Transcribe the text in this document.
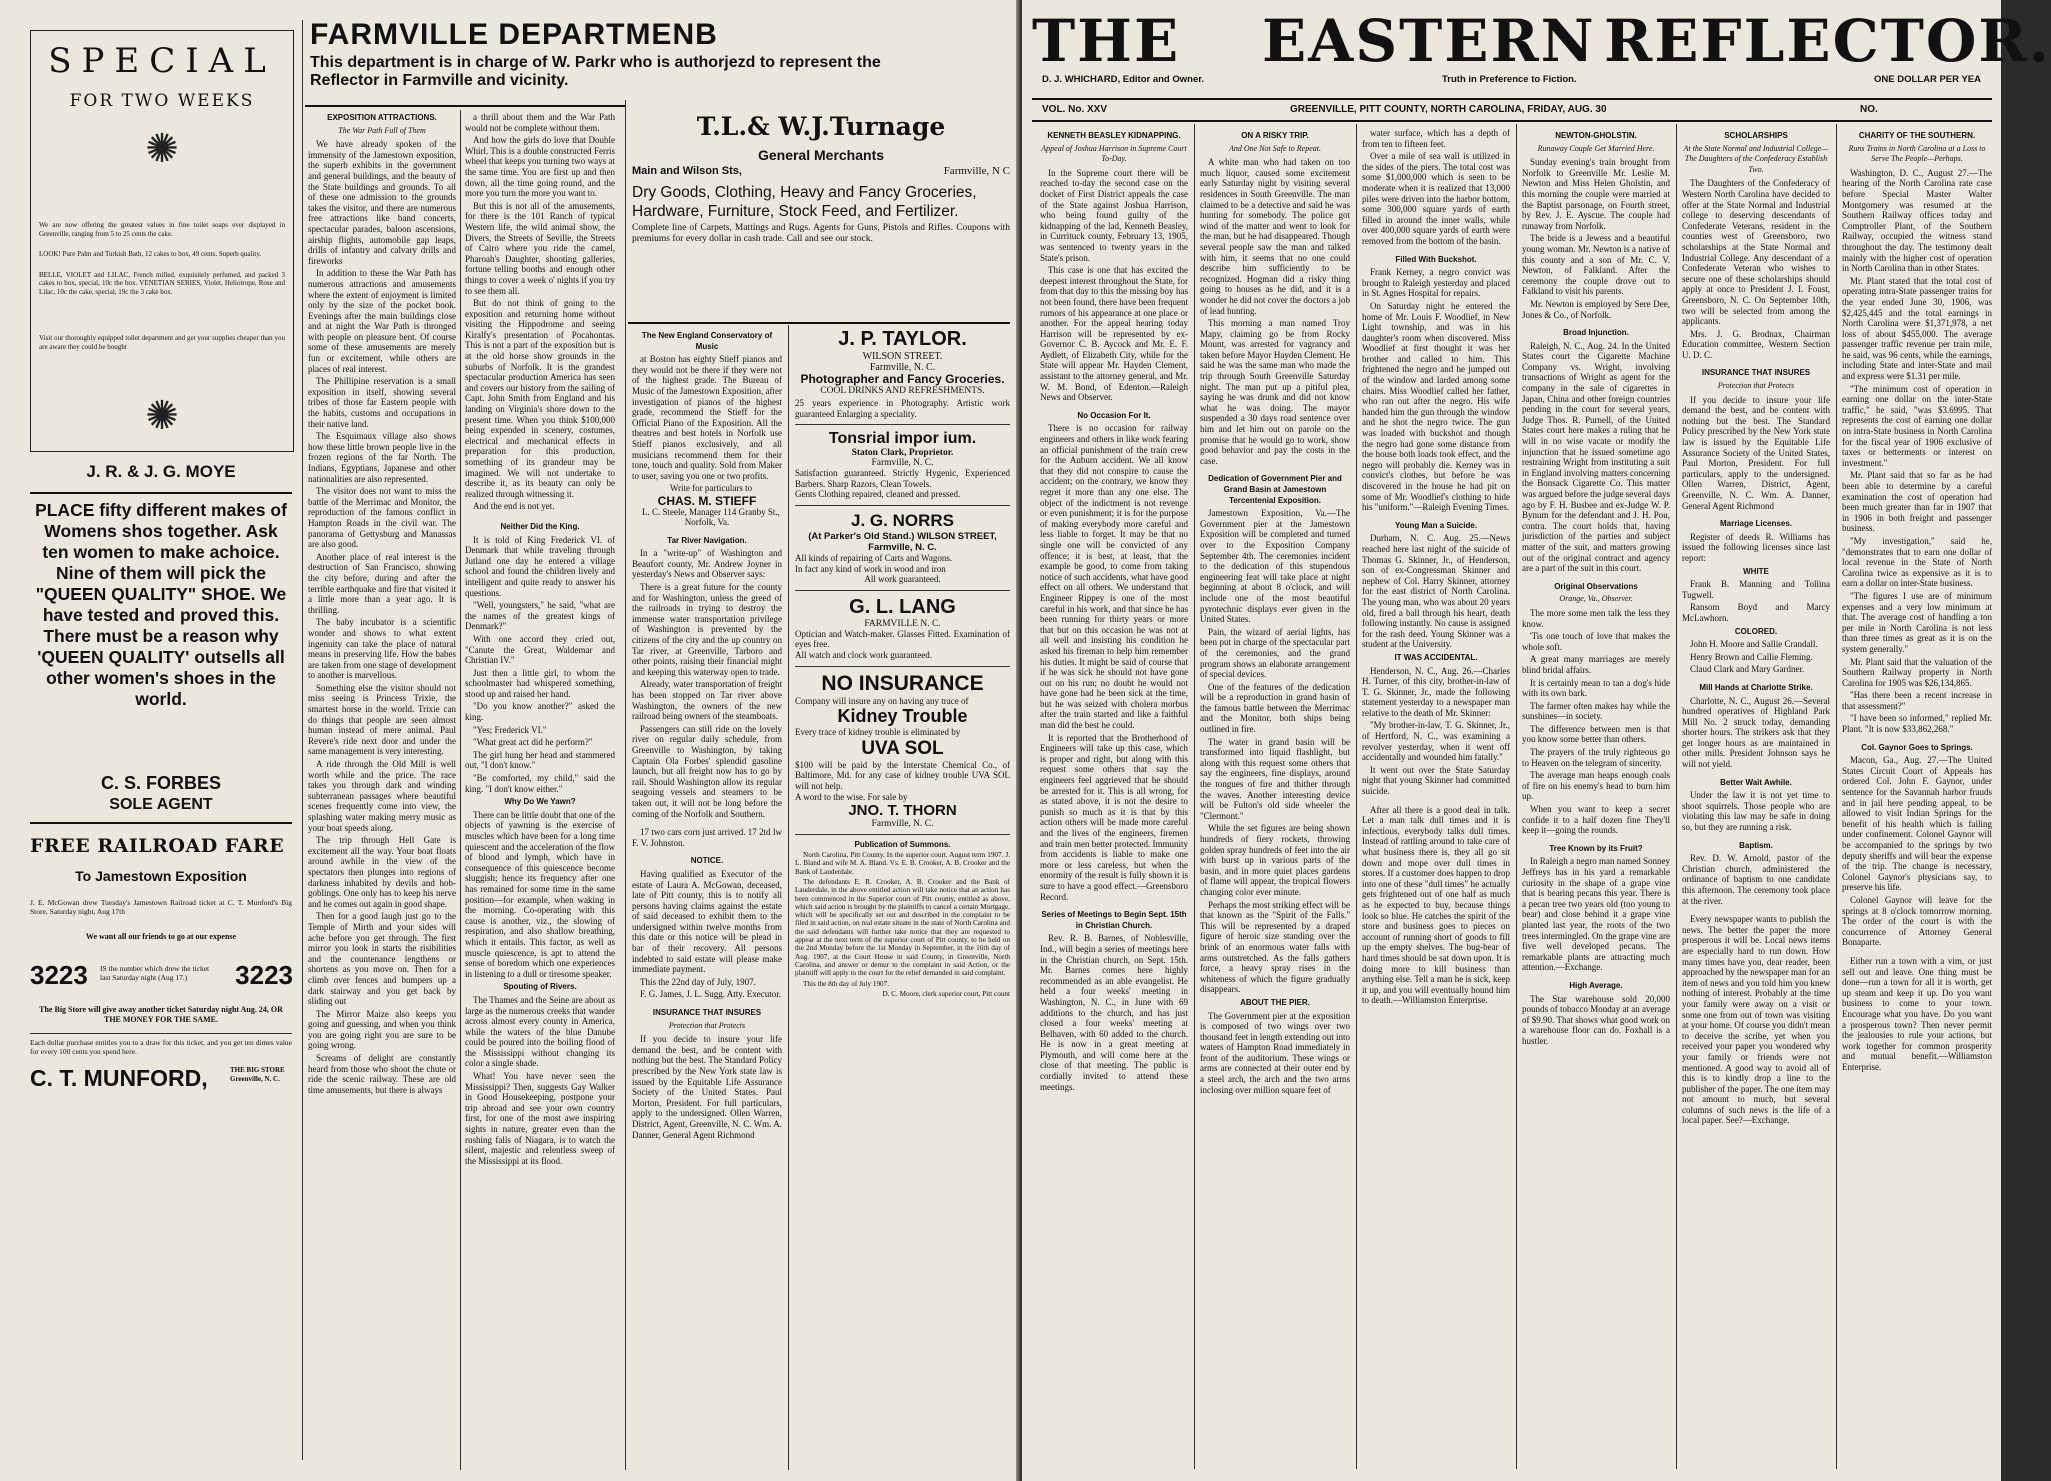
SPECIAL
FOR TWO WEEKS
✺
We are now offering the greatest values in fine toilet soaps ever displayed in Greenville, ranging from 5 to 25 cents the cake.
LOOK! Pure Palm and Turkish Bath, 12 cakes to box, 49 cents. Superb quality.
BELLE, VIOLET and LILAC, French milled, exquisitely perfumed, and packed 3 cakes to box, special, 10c the box. VENETIAN SERIES, Violet, Heliotrope, Rose and Lilac, 10c the cake, special, 19c the 3 cake box.
Visit our thoroughly equipped toilet department and get your supplies cheaper than you are aware they could be bought
✺
J. R. & J. G. MOYE
PLACE fifty different makes of Womens shos together. Ask ten women to make achoice. Nine of them will pick the "QUEEN QUALITY" SHOE. We have tested and proved this. There must be a reason why 'QUEEN QUALITY' outsells all other women's shoes in the world.
C. S. FORBES
SOLE AGENT
FREE RAILROAD FARE
To Jamestown Exposition
J. E. McGowan drew Tuesday's Jamestown Railroad ticket at C. T. Munford's Big Store, Saturday night, Aug 17th
We want all our friends to go at our expense
3223 IS the number which drew the ticket last Saturday night (Aug 17.)	3223
The Big Store will give away another ticket Saturday night Aug. 24, OR THE MONEY FOR THE SAME.
Each dollar purchase entitles you to a draw for this ticket, and you get ten dimes value for every 100 cents you spend here.
C. T. MUNFORD,	THE BIG STORE Greenville, N. C.
FARMVILLE DEPARTMENB
This department is in charge of W. Parkr who is authorjezd to represent the Reflector in Farmville and vicinity.
EXPOSITION ATTRACTIONS.
The War Path Full of Them

We have already spoken of the immensity of the Jamestown exposition, the superb exhibits in the government and general buildings, and the beauty of the State buildings and grounds. To all of these one admission to the grounds takes the visitor, and there are numerous free attractions like band concerts, spectacular parades, baloon ascensions, airship flights, automobile gap leaps, drills of infantry and calvary drills and fireworks

In addition to these the War Path has numerous attractions and amusements where the extent of enjoyment is limited only by the size of the pocket book. Evenings after the main buildings close and at night the War Path is thronged with people on pleasure bent. Of course some of these amusements are merely fun or excitement, while others are places of real interest.

The Phillipine reservation is a small exposition in itself, showing several tribes of those far Eastern people with the habits, customs and occupations in their native land.

The Esquimaux village also shows how these little brown people live in the frozen regions of the far North. The Indians, Egyptians, Japanese and other nationalities are also represented.

The visitor does not want to miss the battle of the Merrimac and Monitor, the reproduction of the famous conflict in Hampton Roads in the civil war. The panorama of Gettysburg and Manassas are also good.

Another place of real interest is the destruction of San Francisco, showing the city before, during and after the terrible earthquake and fire that visited it a little more than a year ago. It is thrilling.

The baby incubator is a scientific wonder and shows to what extent ingenuity can take the place of natural means in preserving life. How the babes are taken from one stage of development to another is marvellous.

Something else the visitor should not miss seeing is Princess Trixie, the smartest horse in the world. Trixie can do things that people are seen almost human instead of mere animal. Paul Revere's ride next door and under the same management is very interesting.

A ride through the Old Mill is well worth while and the price. The race takes you through dark and winding subterranean passages where beautiful scenes frequently come into view, the splashing water making merry music as your boat speeds along.

The trip through Hell Gate is excitement all the way. Your boat floats around awhile in the view of the spectators then plunges into regions of darkness inhabited by devils and hob-goblings. One only has to keep his nerve and he comes out again in good shape.

Then for a good laugh just go to the Temple of Mirth and your sides will ache before you get through. The first mirror you look in starts the risibilities and the countenance lengthens or shortens as you move on. Then for a climb over fences and bumpers up a dark stairway and you get back by sliding out

The Mirror Maize also keeps you going and guessing, and when you think you are going right you are sure to be going wrong.

Screams of delight are constantly heard from those who shoot the chute or ride the scenic railway. These are old time amusements, but there is always

a thrill about them and the War Path would not be complete without them.

And how the girls do love that Double Whirl. This is a double constructed Ferris wheel that keeps you turning two ways at the same time. You are first up and then down, all the time going round, and the more you turn the more you want to.

But this is not all of the amusements, for there is the 101 Ranch of typical Western life, the wild animal show, the Divers, the Streets of Seville, the Streets of Cairo where you ride the camel, Pharoah's Daughter, shooting galleries, fortune telling booths and enough other things to cover a week o' nights if you try to see them all.

But do not think of going to the exposition and returning home without visiting the Hippodrome and seeing Kiralfy's presentation of Pocahontas. This is not a part of the exposition but is at the old horse show grounds in the suburbs of Norfolk. It is the grandest spectacular production America has seen and covers our history from the sailing of Capt. John Smith from England and his landing on Virginia's shore down to the present time. When you think $100,000 being expended in scenery, costumes, electrical and mechanical effects in preparation for this production, something of its grandeur may be imagined. We will not undertake to describe it, as its beauty can only be realized through witnessing it.

And the end is not yet.

Neither Did the King.

It is told of King Frederick VI. of Denmark that while traveling through Jutland one day he entered a village school and found the children lively and intelligent and quite ready to answer his questions.

"Well, youngsters," he said, "what are the names of the greatest kings of Denmark?"

With one accord they cried out, "Canute the Great, Waldemar and Christian IV."

Just then a little girl, to whom the schoolmaster had whispered something, stood up and raised her hand.

"Do you know another?" asked the king.

"Yes; Frederick VI."

"What great act did he perform?"

The girl hung her head and stammered out, "I don't know."

"Be comforted, my child," said the king. "I don't know either."

Why Do We Yawn?

There can be little doubt that one of the objects of yawning is the exercise of muscles which have been for a long time quiescent and the acceleration of the flow of blood and lymph, which have in consequence of this quiescence become sluggish; hence its frequency after one has remained for some time in the same position—for example, when waking in the morning. Co-operating with this cause is another, viz., the slowing of respiration, and also shallow breathing, which it entails. This factor, as well as muscle quiescence, is apt to attend the sense of boredom which one experiences in listening to a dull or tiresome speaker.

Spouting of Rivers.

The Thames and the Seine are about as large as the numerous creeks that wander across almost every county in America, while the waters of the blue Danube could be poured into the boiling flood of the Mississippi without changing its color a single shade.

What! You have never seen the Mississippi? Then, suggests Gay Walker in Good Housekeeping, postpone your trip abroad and see your own country first, for one of the most awe inspiring sights in nature, greater even than the rushing falls of Niagara, is to watch the silent, majestic and relentless sweep of the Mississippi at its flood.

T.L.& W.J.Turnage
General Merchants
Main and Wilson Sts,	Farmville, N C
Dry Goods, Clothing, Heavy and Fancy Groceries, Hardware, Furniture, Stock Feed, and Fertilizer.
Complete line of Carpets, Mattings and Rugs. Agents for Guns, Pistols and Rifles. Coupons with premiums for every dollar in cash trade. Call and see our stock.
The New England Conservatory of Music

at Boston has eighty Stieff pianos and they would not be there if they were not of the highest grade. The Bureau of Music of the Jamestown Exposition, after investigation of pianos of the highest grade, recommend the Stieff for the Official Piano of the Exposition. All the theatres and best hotels in Norfolk use Stieff pianos exclusively, and all musicians recommend them for their tone, touch and quality. Sold from Maker to user, saving you one or two profits.

Write for particulars to

CHAS. M. STIEFF

L. C. Steele, Manager 114 Granby St., Norfolk, Va.

Tar River Navigation.

In a "write-up" of Washington and Beaufort county, Mr. Andrew Joyner in yesterday's News and Observer says:

There is a great future for the county and for Washington, unless the greed of the railroads in trying to destroy the immense water transportation privilege of Washington is prevented by the citizens of the city and the up country on Tar river, at Greenville, Tarboro and other points, raising their financial might and keeping this waterway open to trade.

Already, water transportation of freight has been stopped on Tar river above Washington, the owners of the new railroad being owners of the steamboats.

Passengers can still ride on the lovely river on regular daily schedule, from Greenville to Washington, by taking Captain Ola Forbes' splendid gasoline launch, but all freight now has to go by rail. Should Washington allow its regular seagoing vessels and steamers to be taken out, it will not be long before the coming of the Norfolk and Southern.

17 two cars corn just arrived. 17 2td lw F. V. Johnston.

NOTICE.

Having qualified as Executor of the estate of Laura A. McGowan, deceased, late of Pitt county, this is to notify all persons having claims against the estate of said deceased to exhibit them to the undersigned within twelve months from this date or this notice will be plead in bar of their recovery. All persons indebted to said estate will please make immediate payment.

This the 22nd day of July, 1907.

F. G. James, J. L. Sugg. Atty. Executor.

INSURANCE THAT INSURES
Protection that Protects

If you decide to insure your life demand the best, and be content with nothing but the best. The Standard Policy prescribed by the New York state law is issued by the Equitable Life Assurance Society of the United States. Paul Morton, President. For full particulars, apply to the undersigned. Ollen Warren, District, Agent, Greenville, N. C. Wm. A. Danner, General Agent Richmond

J. P. TAYLOR.
WILSON STREET.
Farmville, N. C.
Photographer and Fancy Groceries.
COOL DRINKS AND REFRESHMENTS.
25 years experience in Photography. Artistic work guaranteed Enlarging a speciality.
Tonsrial impor ium.
Staton Clark, Proprietor.
Farmville, N. C.
Satisfaction guaranteed. Strictly Hygenic, Experienced Barbers. Sharp Razors, Clean Towels.
Gents Clothing repaired, cleaned and pressed.
J. G. NORRS
(At Parker's Old Stand.) WILSON STREET, Farmville, N. C.
All kinds of repairing of Carts and Wagons.
In fact any kind of work in wood and iron
All work guaranteed.
G. L. LANG
FARMVILLE N. C.
Optician and Watch-maker. Glasses Fitted. Examination of eyes free.
All watch and clock work guaranteed.
NO INSURANCE
Company will insure any on having any trace of
Kidney Trouble
Every trace of kidney trouble is eliminated by
UVA SOL
$100 will be paid by the Interstate Chemical Co., of Baltimore, Md. for any case of kidney trouble UVA SOL will not help.
A word to the wise. For sale by
JNO. T. THORN
Farmville, N. C.
Publication of Summons.

North Carolina, Pitt County. In the superior court. August term 1907. J. L. Bland and wife M. A. Bland. Vs. E. B. Crooker, A. B. Crooker and the Bank of Lauderdale.

The defendants E. R. Crooker, A. B. Crooker and the Bank of Lauderdale, in the above entitled action will take notice that an action has been commenced in the Superior court of Pitt county, entitled as above, which said action is brought by the plaintiffs to cancel a certain Mortgage, which will be specifically set out and described in the complaint to be filed in said action, on real estate situate in the state of North Carolina and the said defendants will further take notice that they are requested to appear at the next term of the superior court of Pitt county, to be held on the 2nd Monday before the 1st Monday in September, in the 16th day of Aug. 1907, at the Court House in said County, in Greenville, North Carolina, and answer or demur to the complaint in said Action, or the plaintiff will apply to the court for the relief demanded in said complaint.

This the 8th day of July 1907.

D. C. Moore, clerk superior court, Pitt count

THE EASTERN REFLECTOR.
D. J. WHICHARD, Editor and Owner.	Truth in Preference to Fiction.	ONE DOLLAR PER YEA
VOL. No. XXV	GREENVILLE, PITT COUNTY, NORTH CAROLINA, FRIDAY, AUG. 30	NO.
KENNETH BEASLEY KIDNAPPING.
Appeal of Joshua Harrison in Supreme Court To-Day.

In the Supreme court there will be reached to-day the second case on the docket of First District appeals the case of the State against Joshua Harrison, who being found guilty of the kidnapping of the lad, Kenneth Beasley, in Currituck county, February 13, 1905, was sentenced to twenty years in the State's prison.

This case is one that has excited the deepest interest throughout the State, for from that day to this the missing boy has not been found, there have been frequent rumors of his appearance at one place or another. For the appeal hearing today Harrison will be represented by ex-Governor C. B. Aycock and Mr. E. F. Aydlett, of Elizabeth City, while for the State will appear Mr. Hayden Clement, assistant to the attorney general, and Mr. W. M. Bond, of Edenton.—Raleigh News and Observer.

No Occasion For It.

There is no occasion for railway engineers and others in like work fearing an official punishment of the train crew for the Auburn accident. We all know that they did not conspire to cause the accident; on the contrary, we know they regret it more than any one else. The object of the indictment is not revenge or even punishment; it is for the purpose of making everybody more careful and less liable to forget. It may be that no single one will be convicted of any offence; it is best, at least, that the example be good, to come from taking notice of such accidents, what have good effect on all others. We understand that Engineer Rippey is one of the most careful in his work, and that since he has been running for thirty years or more that but on this occasion he was not at all well and insisting his condition he asked his fireman to help him remember his duties. It might be said of course that if he was sick he should not have gone out on his run; no doubt he would not have gone had he been sick at the time, but he was seized with cholera morbus after the train started and like a faithful man did the best he could.

It is reported that the Brotherhood of Engineers will take up this case, which is proper and right, but along with this request some others that say the engineers feel aggrieved that he should be arrested for it. This is all wrong, for as stated above, it is not the desire to punish so much as it is that by this action others will be made more careful and the lives of the engineers, firemen and train men better protected. Immunity from accidents is liable to make one more or less careless, but when the enormity of the result is fully shown it is sure to have a good effect.—Greensboro Record.

Series of Meetings to Begin Sept. 15th in Christian Church.

Rev. R. B. Barnes, of Noblesville, Ind., will begin a series of meetings here in the Christian church, on Sept. 15th. Mr. Barnes comes here highly recommended as an able evangelist. He held a four weeks' meeting in Washington, N. C., in June with 69 additions to the church, and has just closed a four weeks' meeting at Belhaven, with 60 added to the church. He is now in a great meeting at Plymouth, and will come here at the close of that meeting. The public is cordially invited to attend these meetings.

ON A RISKY TRIP.
And One Not Safe to Repeat.

A white man who had taken on too much liquor, caused some excitement early Saturday night by visiting several residences in South Greenville. The man claimed to be a detective and said he was hunting for somebody. The police got wind of the matter and went to look for the man, but he had disappeared. Though several people saw the man and talked with him, it seems that no one could describe him sufficiently to be recognized. Hogman did a risky thing going to houses as he did, and it is a wonder he did not cover the doctors a job of lead hunting.

This morning a man named Troy Mapy, claiming go be from Rocky Mount, was arrested for vagrancy and taken before Mayor Hayden Clement. He said he was the same man who made the trip through South Greenville Saturday night. The man put up a pitiful plea, saying he was drunk and did not know what he was doing. The mayor suspended a 30 days road sentence over him and let him out on parole on the promise that he would go to work, show good behavior and pay the costs in the case.

Dedication of Government Pier and Grand Basin at Jamestown Tercentenial Exposition.

Jamestown Exposition, Va.—The Government pier at the Jamestown Exposition will be completed and turned over to the Exposition Company September 4th. The ceremonies incident to the dedication of this stupendous engineering feat will take place at night beginning at about 8 o'clock, and will include one of the most beautiful pyrotechnic displays ever given in the United States.

Pain, the wizard of aerial lights, has been put in charge of the spectacular part of the ceremonies, and the grand program shows an elaborate arrangement of special devices.

One of the features of the dedication will be a reproduction in grand basin of the famous battle between the Merrimac and the Monitor, both ships being outlined in fire.

The water in grand basin will be transformed into liquid flashlight, but along with this request some others that say the engineers, fine displays, around the tongues of fire and thither through the waves. Another interesting device will be Fulton's old side wheeler the "Clermont."

While the set figures are being shown hundreds of fiery rockets, throwing golden spray hundreds of feet into the air with burst up in various parts of the basin, and in more quiet places gardens of flame will appear, the tropical flowers changing color ever minute.

Perhaps the most striking effect will be that known as the "Spirit of the Falls." This will be represented by a draped figure of heroic size standing over the brink of an enormous water falls with arms outstretched. As the falls gathers force, a heavy spray rises in the whiteness of which the figure gradually disappears.

ABOUT THE PIER.

The Government pier at the exposition is composed of two wings over two thousand feet in length extending out into waters of Hampton Road immediately in front of the auditorium. These wings or arms are connected at their outer end by a steel arch, the arch and the two arms inclosing over million square feet of

water surface, which has a depth of from ten to fifteen feet.

Over a mile of sea wall is utilized in the sides of the piers. The total cost was some $1,000,000 which is seen to be moderate when it is realized that 13,000 piles were driven into the harbor bottom, some 300,000 square yards of earth filled in around the inner walls, while over 400,000 square yards of earth were removed from the bottom of the basin.

Filled With Buckshot.

Frank Kerney, a negro convict was brought to Raleigh yesterday and placed in St. Agnes Hospital for repairs.

On Saturday night he entered the home of Mr. Louis F. Woodlief, in New Light township, and was in his daughter's room when discovered. Miss Woodlief at first thought it was her brother and called to him. This frightened the negro and he jumped out of the window and larded among some chairs. Miss Woodlief called her father, who ran out after the negro. His wife handed him the gun through the window and he shot the negro twice. The gun was loaded with buckshot and though the negro had gone some distance from the house both loads took effect, and the negro will probably die. Kerney was in convict's clothes, but before he was discovered in the house he had pit on some of Mr. Woodlief's clothing to hide his "uniform."—Raleigh Evening Times.

Young Man a Suicide.

Durham, N. C. Aug. 25.—News reached here last night of the suicide of Thomas G. Skinner, Jr., of Henderson, son of ex-Congressman Skinner and nephew of Col. Harry Skinner, attorney for the east district of North Carolina. The young man, who was about 20 years old, fired a ball through his heart, death following instantly. No cause is assigned for the rash deed. Young Skinner was a student at the University.

IT WAS ACCIDENTAL.

Henderson, N. C., Aug. 26.—Charles H. Turner, of this city, brother-in-law of T. G. Skinner, Jr., made the following statement yesterday to a newspaper man relative to the death of Mr. Skinner:

"My brother-in-law, T. G. Skinner, Jr., of Hertford, N. C., was examining a revolver yesterday, when it went off accidentally and wounded him fatally."

It went out over the State Saturday night that young Skinner had committed suicide.

After all there is a good deal in talk. Let a man talk dull times and it is infectious, everybody talks dull times. Instead of rattling around to take care of what business there is, they all go sit down and mope over dull times in stores. If a customer does happen to drop into one of these "dull times" he actually gets frightened out of one half as much as he expected to buy, because things look so blue. He catches the spirit of the store and business goes to pieces on account of running short of goods to fill up the empty shelves. The bug-bear of hard times should be sat down upon. It is doing more to kill business than anything else. Tell a man he is sick, keep it up, and you will eventually hound him to death.—Williamston Enterprise.

NEWTON-GHOLSTIN.
Runaway Couple Get Married Here.

Sunday evening's train brought from Norfolk to Greenville Mr. Leslie M. Newton and Miss Helen Gholstin, and this morning the couple were married at the Baptist parsonage, on Fourth street, by Rev. J. E. Ayscue. The couple had runaway from Norfolk.

The bride is a Jewess and a beautiful young woman. Mr. Newton is a native of this county and a son of Mr. C. V. Newton, of Falkland. After the ceremony the couple drove out to Falkland to visit his parents.

Mr. Newton is employed by Sere Dee, Jones & Co., of Norfolk.

Broad Injunction.

Raleigh, N. C., Aug. 24. In the United States court the Cigarette Machine Company vs. Wright, involving transactions of Wright as agent for the company in the sale of cigarettes in Japan, China and other foreign countries pending in the court for several years, Judge Thos. R. Purnell, of the United States court here makes a ruling that he will in no wise vacate or modify the injunction that he issued sometime ago restraining Wright from instituting a suit in England involving matters concerning the Bonsack Cigarette Co. This matter was argued before the judge several days ago by F. H. Busbee and ex-Judge W. P. Bynum for the defendant and J. H. Pou, contra. The court holds that, having jurisdiction of the parties and subject matter of the suit, and matters growing out of the original contract and agency are a part of the suit in this court.

Original Observations
Orange, Va., Observer.

The more some men talk the less they know.

'Tis one touch of love that makes the whole soft.

A great many marriages are merely blind bridal affairs.

It is certainly mean to tan a dog's hide with its own bark.

The farmer often makes hay while the sunshines—in society.

The difference between men is that you know some better than others.

The prayers of the truly righteous go to Heaven on the telegram of sincerity.

The average man heaps enough coals of fire on his enemy's head to burn him up.

When you want to keep a secret confide it to a half dozen fine They'll keep it—going the rounds.

Tree Known by its Fruit?

In Raleigh a negro man named Sonney Jeffreys has in his yard a remarkable curiosity in the shape of a grape vine that is bearing pecans this year. There is a pecan tree two years old (too young to bear) and close behind it a grape vine planted last year, the roots of the two trees intermingled. On the grape vine are five well developed pecans. The remarkable plants are attracting much attention.—Exchange.

High Average.

The Star warehouse sold 20,000 pounds of tobacco Monday at an average of $9.90. That shows what good work on a warehouse floor can do. Foxhall is a hustler.

SCHOLARSHIPS
At the State Normal and Industrial College—The Daughters of the Confederacy Establish Two.

The Daughters of the Confederacy of Western North Carolina have decided to offer at the State Normal and Industrial college to deserving descendants of Confederate Veterans, resident in the counties west of Greensboro, two scholarships at the State Normal and Industrial College. Any descendant of a Confederate Veteran who wishes to secure one of these scholarships should apply at once to President J. I. Foust, Greensboro, N. C. On September 10th, two will be selected from among the applicants.

Mrs. J. G. Brodnax, Chairman Education committee, Western Section U. D. C.

INSURANCE THAT INSURES
Protection that Protects

If you decide to insure your life demand the best, and be content with nothing but the best. The Standard Policy prescribed by the New York state law is issued by the Equitable Life Assurance Society of the United States, Paul Morton, President. For full particulars, apply to the undersigned. Ollen Warren, District, Agent, Greenville, N. C. Wm. A. Danner, General Agent Richmond

Marriage Licenses.

Register of deeds R. Williams has issued the following licenses since last report:

WHITE

Frank B. Manning and Tollina Tugwell.

Ransom Boyd and Marcy McLawhorn.

COLORED.

John H. Moore and Sallie Crandall.

Henry Brown and Callie Fleming.

Claud Clark and Mary Gardner.

Mill Hands at Charlotte Strike.

Charlotte, N. C., August 26.—Several hundred operatives of Highland Park Mill No. 2 struck today, demanding shorter hours. The strikers ask that they get longer hours as are maintained in other mills. President Johnson says he will not yield.

Better Wait Awhile.

Under the law it is not yet time to shoot squirrels. Those people who are violating this law may be safe in doing so, but they are running a risk.

Baptism.

Rev. D. W. Arnold, pastor of the Christian church, administered the ordinance of baptism to one candidate this afternoon. The ceremony took place at the river.

Every newspaper wants to publish the news. The better the paper the more prosperous it will be. Local news items are especially hard to run down. How many times have you, dear reader, been approached by the newspaper man for an item of news and you told him you knew nothing of interest. Probably at the time your family were away on a visit or some one from out of town was visiting at your home. Of course you didn't mean to deceive the scribe, yet when you received your paper you wondered why your family or friends were not mentioned. A good way to avoid all of this is to kindly drop a line to the publisher of the paper. The one item may not amount to much, but several columns of such news is the life of a local paper. See?—Exchange.

CHARITY OF THE SOUTHERN.
Runs Trains in North Carolina at a Loss to Serve The People—Perhaps.

Washington, D. C., August 27.—The hearing of the North Carolina rate case before Special Master Walter Montgomery was resumed at the Southern Railway offices today and Comptroller Plant, of the Southern Railway, occupied the witness stand throughout the day. The testimony dealt mainly with the higher cost of operation in North Carolina than in other States.

Mr. Plant stated that the total cost of operating intra-State passenger trains for the year ended June 30, 1906, was $2,425,445 and the total earnings in North Carolina were $1,371,978, a net loss of about $455,000. The average passenger traffic revenue per train mile, he said, was 96 cents, while the earnings, including State and inter-State and mail and express were $1.31 per mile.

"The minimum cost of operation in earning one dollar on the inter-State traffic," he said, "was $3.6995. That represents the cost of earning one dollar on intra-State business in North Carolina for the fiscal year of 1906 exclusive of taxes or betterments or interest on investment."

Mr. Plant said that so far as he had been able to determine by a careful examination the cost of operation had been much greater than far in 1907 that in 1906 in both freight and passenger business.

"My investigation," said he, "demonstrates that to earn one dollar of local revenue in the State of North Carolina twice as expensive as it is to earn a dollar on inter-State business.

"The figures I use are of minimum expenses and a very low minimum at that. The average cost of handling a ton per mile in North Carolina is not less than three times as great as it is on the system generally."

Mr. Plant said that the valuation of the Southern Railway property in North Carolina for 1905 was $26,134,865.

"Has there been a recent increase in that assessment?"

"I have been so informed," replied Mr. Plant. "It is now $33,862,268."

Col. Gaynor Goes to Springs.

Macon, Ga., Aug. 27.—The United States Circuit Court of Appeals has ordered Col. John F. Gaynor, under sentence for the Savannah harbor frauds and in jail here pending appeal, to be allowed to visit Indian Springs for the benefit of his health which is failing under confinement. Colonel Gaynor will be accompanied to the springs by two deputy sheriffs and will bear the expense of the trip. The change is necessary, Colonel Gaynor's physicians say, to preserve his life.

Colonel Gaynor will leave for the springs at 8 o'clock tomorrow morning. The order of the court is with the concurrence of Attorney General Bonaparte.

Either run a town with a vim, or just sell out and leave. One thing must be done—run a town for all it is worth, get up steam and keep it up. Do you want business to come to your town. Encourage what you have. Do you want a prosperous town? Then never permit the jealousies to rule your actions, but work together for common prosperity and mutual benefit.—Williamston Enterprise.
